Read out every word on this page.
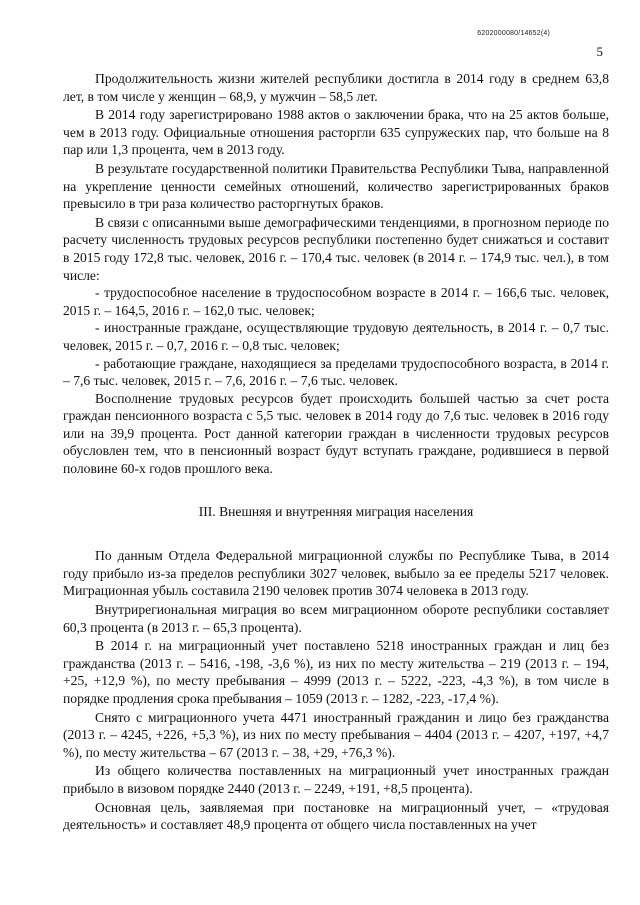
6202000080/14652(4)
5

Продолжительность жизни жителей республики достигла в 2014 году в среднем 63,8 лет, в том числе у женщин – 68,9, у мужчин – 58,5 лет.

В 2014 году зарегистрировано 1988 актов о заключении брака, что на 25 актов больше, чем в 2013 году. Официальные отношения расторгли 635 супружеских пар, что больше на 8 пар или 1,3 процента, чем в 2013 году.

В результате государственной политики Правительства Республики Тыва, направленной на укрепление ценности семейных отношений, количество зарегистрированных браков превысило в три раза количество расторгнутых браков.

В связи с описанными выше демографическими тенденциями, в прогнозном периоде по расчету численность трудовых ресурсов республики постепенно будет снижаться и составит в 2015 году 172,8 тыс. человек, 2016 г. – 170,4 тыс. человек (в 2014 г. – 174,9 тыс. чел.), в том числе:

- трудоспособное население в трудоспособном возрасте в 2014 г. – 166,6 тыс. человек, 2015 г. – 164,5, 2016 г. – 162,0 тыс. человек;

- иностранные граждане, осуществляющие трудовую деятельность, в 2014 г. – 0,7 тыс. человек, 2015 г. – 0,7, 2016 г. – 0,8 тыс. человек;

- работающие граждане, находящиеся за пределами трудоспособного возраста, в 2014 г. – 7,6 тыс. человек, 2015 г. – 7,6, 2016 г. – 7,6 тыс. человек.

Восполнение трудовых ресурсов будет происходить большей частью за счет роста граждан пенсионного возраста с 5,5 тыс. человек в 2014 году до 7,6 тыс. человек в 2016 году или на 39,9 процента. Рост данной категории граждан в численности трудовых ресурсов обусловлен тем, что в пенсионный возраст будут вступать граждане, родившиеся в первой половине 60-х годов прошлого века.

III. Внешняя и внутренняя миграция населения

По данным Отдела Федеральной миграционной службы по Республике Тыва, в 2014 году прибыло из-за пределов республики 3027 человек, выбыло за ее пределы 5217 человек. Миграционная убыль составила 2190 человек против 3074 человека в 2013 году.

Внутрирегиональная миграция во всем миграционном обороте республики составляет 60,3 процента (в 2013 г. – 65,3 процента).

В 2014 г. на миграционный учет поставлено 5218 иностранных граждан и лиц без гражданства (2013 г. – 5416, -198, -3,6 %), из них по месту жительства – 219 (2013 г. – 194, +25, +12,9 %), по месту пребывания – 4999 (2013 г. – 5222, -223, -4,3 %), в том числе в порядке продления срока пребывания – 1059 (2013 г. – 1282, -223, -17,4 %).

Снято с миграционного учета 4471 иностранный гражданин и лицо без гражданства (2013 г. – 4245, +226, +5,3 %), из них по месту пребывания – 4404 (2013 г. – 4207, +197, +4,7 %), по месту жительства – 67 (2013 г. – 38, +29, +76,3 %).

Из общего количества поставленных на миграционный учет иностранных граждан прибыло в визовом порядке 2440 (2013 г. – 2249, +191, +8,5 процента).

Основная цель, заявляемая при постановке на миграционный учет, – «трудовая деятельность» и составляет 48,9 процента от общего числа поставленных на учет
